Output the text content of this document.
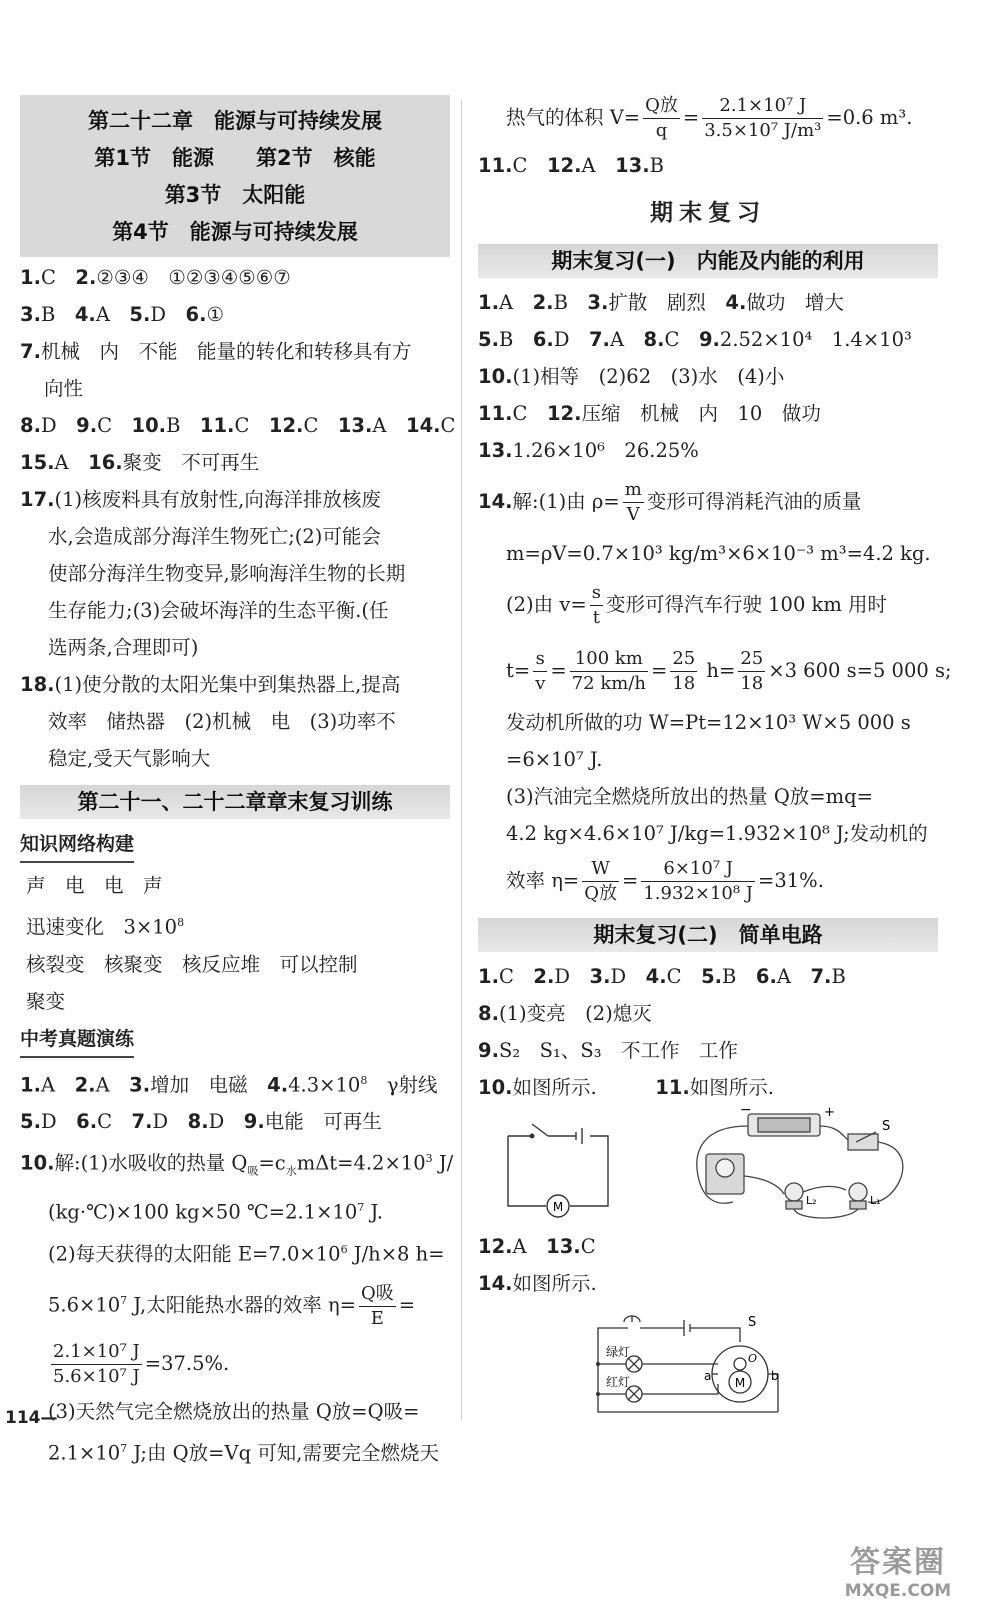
第二十二章　能源与可持续发展
第1节　能源　　第2节　核能
第3节　太阳能
第4节　能源与可持续发展
1.C　2.②③④　①②③④⑤⑥⑦
3.B　4.A　5.D　6.①
7.机械　内　不能　能量的转化和转移具有方
向性
8.D　9.C　10.B　11.C　12.C　13.A　14.C
15.A　16.聚变　不可再生
17.(1)核废料具有放射性,向海洋排放核废
水,会造成部分海洋生物死亡;(2)可能会
使部分海洋生物变异,影响海洋生物的长期
生存能力;(3)会破坏海洋的生态平衡.(任
选两条,合理即可)
18.(1)使分散的太阳光集中到集热器上,提高
效率　储热器　(2)机械　电　(3)功率不
稳定,受天气影响大
第二十一、二十二章章末复习训练
知识网络构建
声　电　电　声
迅速变化　$3\times 10^8$
核裂变　核聚变　核反应堆　可以控制
聚变
中考真题演练
1.A　2.A　3.增加　电磁　$4.4.3\times 10^8$　γ射线
5.D　6.C　7.D　8.D　9.电能　可再生
10.解:(1)水吸收的热量 $Q_吸=c_水m\Delta t=4.2\times 10^3$ J/
(kg·℃)×100 kg×50 $℃=2.1\times 10^7$ J.
(2)每天获得的太阳能 $E=7.0\times 10^6$ J/h×8 h=
$5.6\times 10^7$ J,太阳能热水器的效率 η=
Q吸
E
=
$\frac{\text{2.1×10⁷ J}}{\text{5.6×10⁷ J}} =37.5\%$.
(3)天然气完全燃烧放出的热量 Q放=Q吸=
$2.1\times 10^7$ J;由 Q放=Vq 可知,需要完全燃烧天
热气的体积 V=
Q放
q
= $\frac{\text{2.1×10⁷ J}}{\text{3.5×10⁷ J/m³}} =0.6$ m³.
11.C　12.A　13.B
期末复习
期末复习(一)　内能及内能的利用
1.A　2.B　3.扩散　剧烈　4.做功　增大
5.B　6.D　7.A　8.C　9.2.52×10⁴　1.4×10³
10.(1)相等　(2)62　(3)水　(4)小
11.C　12.压缩　机械　内　10　做功
13.1.26×10⁶　26.25%
14.解:(1)由 $\rho= \frac{m}{V}$ 变形可得消耗汽油的质量
m=ρV=0.7×10³ kg/m³×6×10⁻³ m³=4.2 kg.
(2)由 $v= \frac{s}{t}$ 变形可得汽车行驶 100 km 用时
$t= \frac{s}{v} = \frac{100 km}{72 km/h} = \frac{25}{18} h= \frac{25}{18} \times 3$ 600 s=5 000 s;
发动机所做的功 W=Pt=12×10³ W×5 000 s
=6×10⁷ J.
(3)汽油完全燃烧所放出的热量 Q放=mq=
4.2 kg×4.6×10⁷ J/kg=1.932×10⁸ J;发动机的
效率 η=
W
Q放
= $\frac{\text{6×10⁷ J}}{\text{1.932×10⁸ J}} =31\%$.
期末复习(二)　简单电路
1.C　2.D　3.D　4.C　5.B　6.A　7.B
8.(1)变亮　(2)熄灭
9.S₂　S₁、S₃　不工作　工作
10.如图所示.　　　11.如图所示.
M
−	+
S
L₂	L₁
12.A　13.C
14.如图所示.
S
绿灯
红灯	a	b
O
M
114—
答案圈
MXQE.COM
